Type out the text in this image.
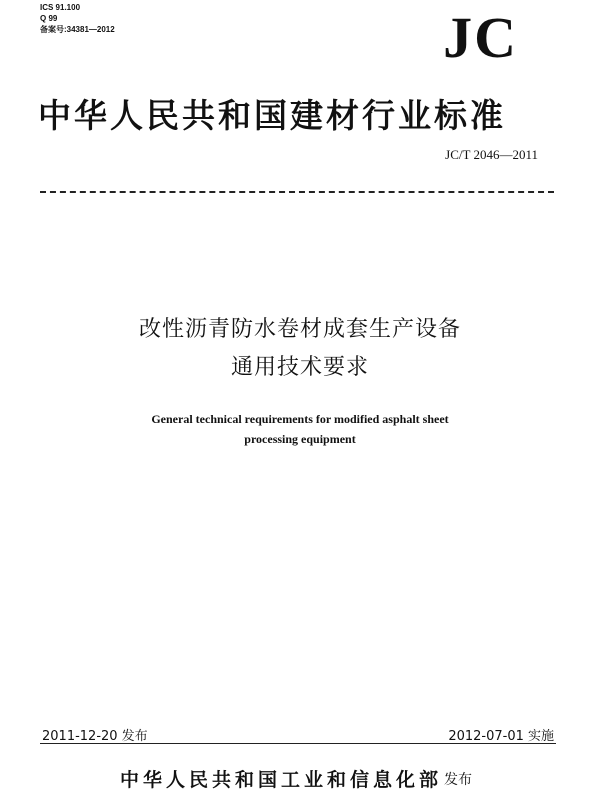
ICS 91.100
Q 99
备案号:34381—2012	JC
中华人民共和国建材行业标准
JC/T 2046—2011
改性沥青防水卷材成套生产设备
通用技术要求
General technical requirements for modified asphalt sheet
processing equipment
2011-12-20 发布	2012-07-01 实施
中华人民共和国工业和信息化部 发布
